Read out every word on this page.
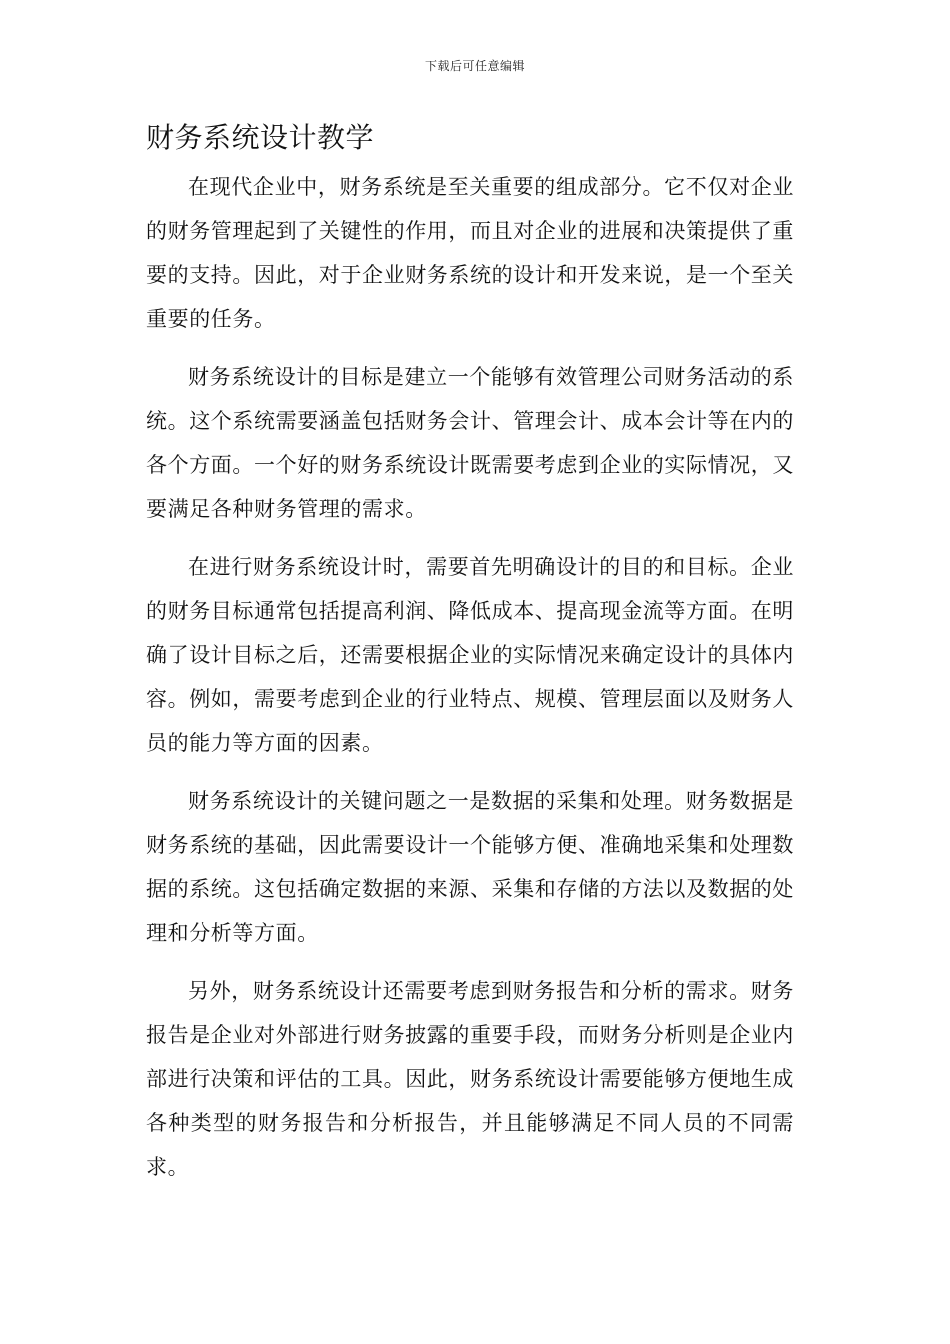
下载后可任意编辑
财务系统设计教学

在现代企业中，财务系统是至关重要的组成部分。它不仅对企业的财务管理起到了关键性的作用，而且对企业的进展和决策提供了重要的支持。因此，对于企业财务系统的设计和开发来说，是一个至关重要的任务。

财务系统设计的目标是建立一个能够有效管理公司财务活动的系统。这个系统需要涵盖包括财务会计、管理会计、成本会计等在内的各个方面。一个好的财务系统设计既需要考虑到企业的实际情况，又要满足各种财务管理的需求。

在进行财务系统设计时，需要首先明确设计的目的和目标。企业的财务目标通常包括提高利润、降低成本、提高现金流等方面。在明确了设计目标之后，还需要根据企业的实际情况来确定设计的具体内容。例如，需要考虑到企业的行业特点、规模、管理层面以及财务人员的能力等方面的因素。

财务系统设计的关键问题之一是数据的采集和处理。财务数据是财务系统的基础，因此需要设计一个能够方便、准确地采集和处理数据的系统。这包括确定数据的来源、采集和存储的方法以及数据的处理和分析等方面。

另外，财务系统设计还需要考虑到财务报告和分析的需求。财务报告是企业对外部进行财务披露的重要手段，而财务分析则是企业内部进行决策和评估的工具。因此，财务系统设计需要能够方便地生成各种类型的财务报告和分析报告，并且能够满足不同人员的不同需求。
